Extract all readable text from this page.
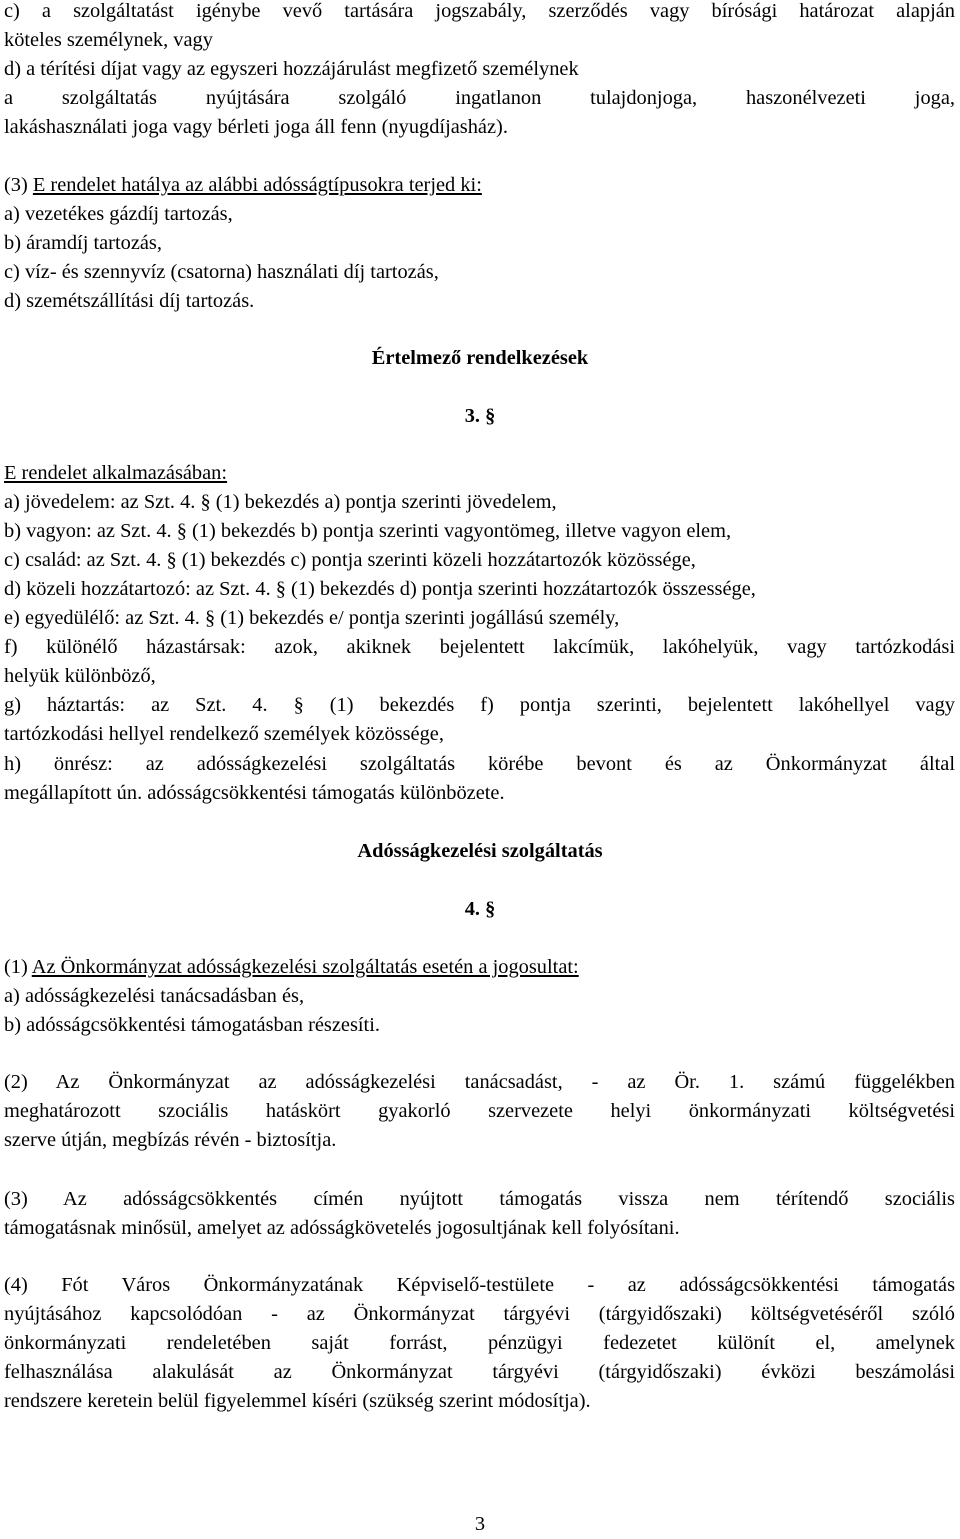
c) a szolgáltatást igénybe vevő tartására jogszabály, szerződés vagy bírósági határozat alapján
köteles személynek, vagy
d) a térítési díjat vagy az egyszeri hozzájárulást megfizető személynek
a szolgáltatás nyújtására szolgáló ingatlanon tulajdonjoga, haszonélvezeti joga,
lakáshasználati joga vagy bérleti joga áll fenn (nyugdíjasház).
(3) E rendelet hatálya az alábbi adósságtípusokra terjed ki:
a) vezetékes gázdíj tartozás,
b) áramdíj tartozás,
c) víz- és szennyvíz (csatorna) használati díj tartozás,
d) szemétszállítási díj tartozás.
Értelmező rendelkezések
3. §
E rendelet alkalmazásában:
a) jövedelem: az Szt. 4. § (1) bekezdés a) pontja szerinti jövedelem,
b) vagyon: az Szt. 4. § (1) bekezdés b) pontja szerinti vagyontömeg, illetve vagyon elem,
c) család: az Szt. 4. § (1) bekezdés c) pontja szerinti közeli hozzátartozók közössége,
d) közeli hozzátartozó: az Szt. 4. § (1) bekezdés d) pontja szerinti hozzátartozók összessége,
e) egyedülélő: az Szt. 4. § (1) bekezdés e/ pontja szerinti jogállású személy,
f) különélő házastársak: azok, akiknek bejelentett lakcímük, lakóhelyük, vagy tartózkodási
helyük különböző,
g) háztartás: az Szt. 4. § (1) bekezdés f) pontja szerinti, bejelentett lakóhellyel vagy
tartózkodási hellyel rendelkező személyek közössége,
h) önrész: az adósságkezelési szolgáltatás körébe bevont és az Önkormányzat által
megállapított ún. adósságcsökkentési támogatás különbözete.
Adósságkezelési szolgáltatás
4. §
(1) Az Önkormányzat adósságkezelési szolgáltatás esetén a jogosultat:
a) adósságkezelési tanácsadásban és,
b) adósságcsökkentési támogatásban részesíti.
(2) Az Önkormányzat az adósságkezelési tanácsadást, - az Ör. 1. számú függelékben
meghatározott szociális hatáskört gyakorló szervezete helyi önkormányzati költségvetési
szerve útján, megbízás révén - biztosítja.
(3) Az adósságcsökkentés címén nyújtott támogatás vissza nem térítendő szociális
támogatásnak minősül, amelyet az adósságkövetelés jogosultjának kell folyósítani.
(4) Fót Város Önkormányzatának Képviselő-testülete - az adósságcsökkentési támogatás
nyújtásához kapcsolódóan - az Önkormányzat tárgyévi (tárgyidőszaki) költségvetéséről szóló
önkormányzati rendeletében saját forrást, pénzügyi fedezetet különít el, amelynek
felhasználása alakulását az Önkormányzat tárgyévi (tárgyidőszaki) évközi beszámolási
rendszere keretein belül figyelemmel kíséri (szükség szerint módosítja).
3
